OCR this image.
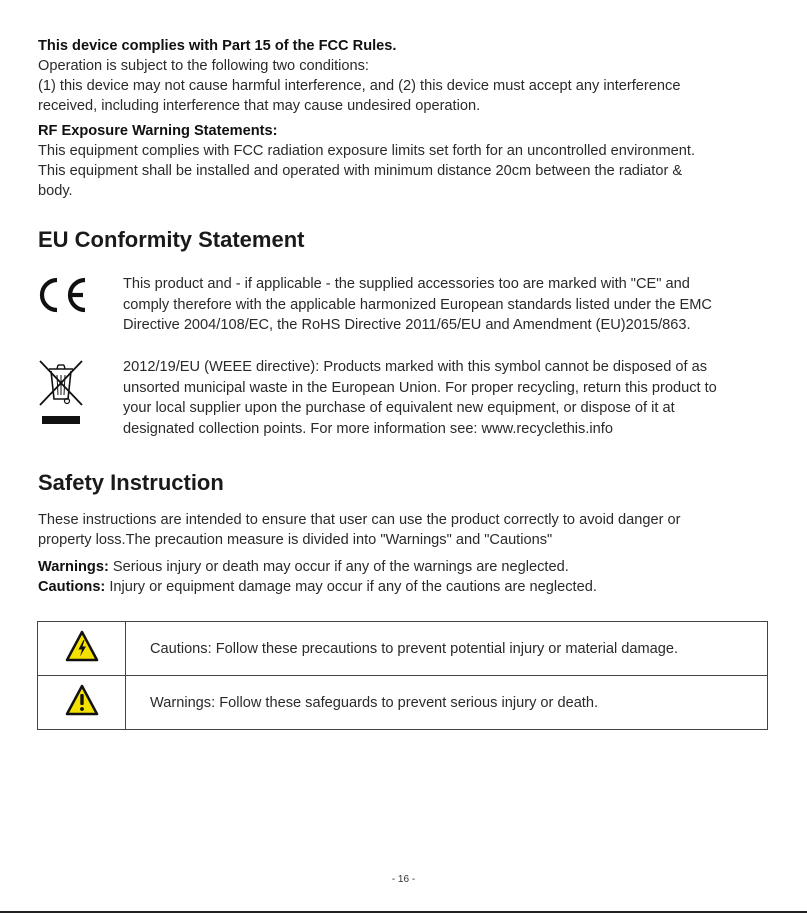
This device complies with Part 15 of the FCC Rules.
Operation is subject to the following two conditions:
(1) this device may not cause harmful interference, and (2) this device must accept any interference
received, including interference that may cause undesired operation.
RF Exposure Warning Statements:
This equipment complies with FCC radiation exposure limits set forth for an uncontrolled environment.
This equipment shall be installed and operated with minimum distance 20cm between the radiator &
body.
EU Conformity Statement
This product and - if applicable - the supplied accessories too are marked with "CE" and
comply therefore with the applicable harmonized European standards listed under the EMC
Directive 2004/108/EC, the RoHS Directive 2011/65/EU and Amendment (EU)2015/863.
2012/19/EU (WEEE directive): Products marked with this symbol cannot be disposed of as
unsorted municipal waste in the European Union. For proper recycling, return this product to
your local supplier upon the purchase of equivalent new equipment, or dispose of it at
designated collection points. For more information see: www.recyclethis.info
Safety Instruction
These instructions are intended to ensure that user can use the product correctly to avoid danger or
property loss.The precaution measure is divided into "Warnings" and "Cautions"
Warnings: Serious injury or death may occur if any of the warnings are neglected.
Cautions: Injury or equipment damage may occur if any of the cautions are neglected.
	Cautions: Follow these precautions to prevent potential injury or material damage.
	Warnings: Follow these safeguards to prevent serious injury or death.
- 16 -
